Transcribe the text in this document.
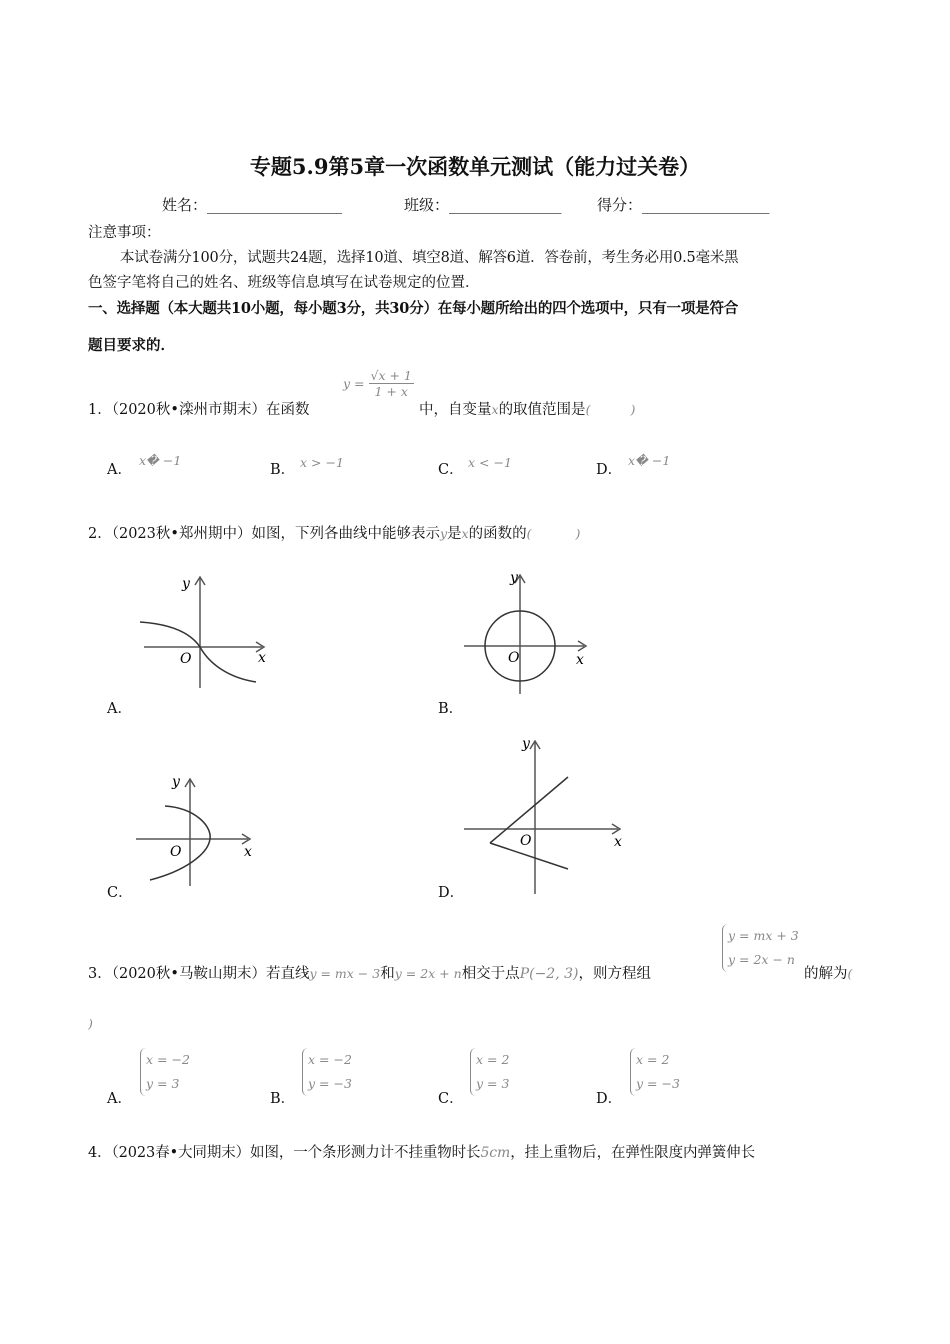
专题5.9第5章一次函数单元测试（能力过关卷）
姓名：__________________	班级：_______________ 得分：_________________
注意事项：
本试卷满分100分，试题共24题，选择10道、填空8道、解答6道．答卷前，考生务必用0.5毫米黑
色签字笔将自己的姓名、班级等信息填写在试卷规定的位置．
一、选择题（本大题共10小题，每小题3分，共30分）在每小题所给出的四个选项中，只有一项是符合
题目要求的．
1．（2020秋•滦州市期末）在函数
$y = \frac{√x + 1}{1 + x}$
中，自变量x的取值范围是(	)
A．
x� −1
B． x > −1	C． x < −1	D．
x� −1
2．（2023秋•郑州期中）如图，下列各曲线中能够表示y是x的函数的(	)
x
y
O
A．
x
y
O
B．
x
y
O
C．
x
y
O
D．
3．（2020秋•马鞍山期末）若直线y = mx − 3和y = 2x + n相交于点P(−2, 3)，则方程组
y = mx + 3
y = 2x − n
的解为(
)
A．
x = −2
y = 3
B．
x = −2
y = −3
C．
x = 2
y = 3
D．
x = 2
y = −3
4．（2023春•大同期末）如图，一个条形测力计不挂重物时长5cm，挂上重物后，在弹性限度内弹簧伸长
